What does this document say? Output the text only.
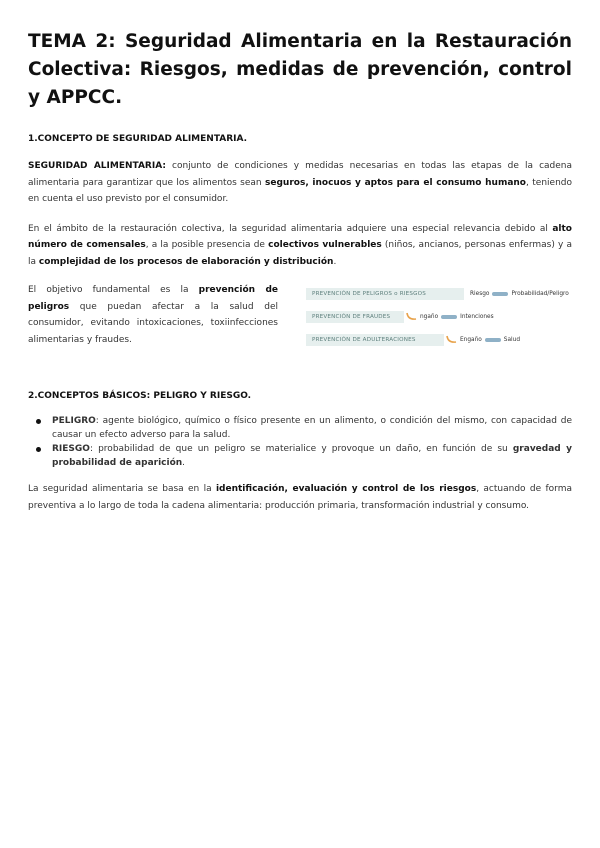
TEMA 2: Seguridad Alimentaria en la Restauración Colectiva: Riesgos, medidas de prevención, control y APPCC.

1.CONCEPTO DE SEGURIDAD ALIMENTARIA.

SEGURIDAD ALIMENTARIA: conjunto de condiciones y medidas necesarias en todas las etapas de la cadena alimentaria para garantizar que los alimentos sean seguros, inocuos y aptos para el consumo humano, teniendo en cuenta el uso previsto por el consumidor.

En el ámbito de la restauración colectiva, la seguridad alimentaria adquiere una especial relevancia debido al alto número de comensales, a la posible presencia de colectivos vulnerables (niños, ancianos, personas enfermas) y a la complejidad de los procesos de elaboración y distribución.

El objetivo fundamental es la prevención de peligros que puedan afectar a la salud del consumidor, evitando intoxicaciones, toxiinfecciones alimentarias y fraudes.

PREVENCIÓN DE PELIGROS o RIESGOS	Riesgo	Probabilidad/Peligro
PREVENCIÓN DE FRAUDES	ngaño	Intenciones
PREVENCIÓN DE ADULTERACIONES	Engaño	Salud

2.CONCEPTOS BÁSICOS: PELIGRO Y RIESGO.

PELIGRO: agente biológico, químico o físico presente en un alimento, o condición del mismo, con capacidad de causar un efecto adverso para la salud.
RIESGO: probabilidad de que un peligro se materialice y provoque un daño, en función de su gravedad y probabilidad de aparición.

La seguridad alimentaria se basa en la identificación, evaluación y control de los riesgos, actuando de forma preventiva a lo largo de toda la cadena alimentaria: producción primaria, transformación industrial y consumo.
